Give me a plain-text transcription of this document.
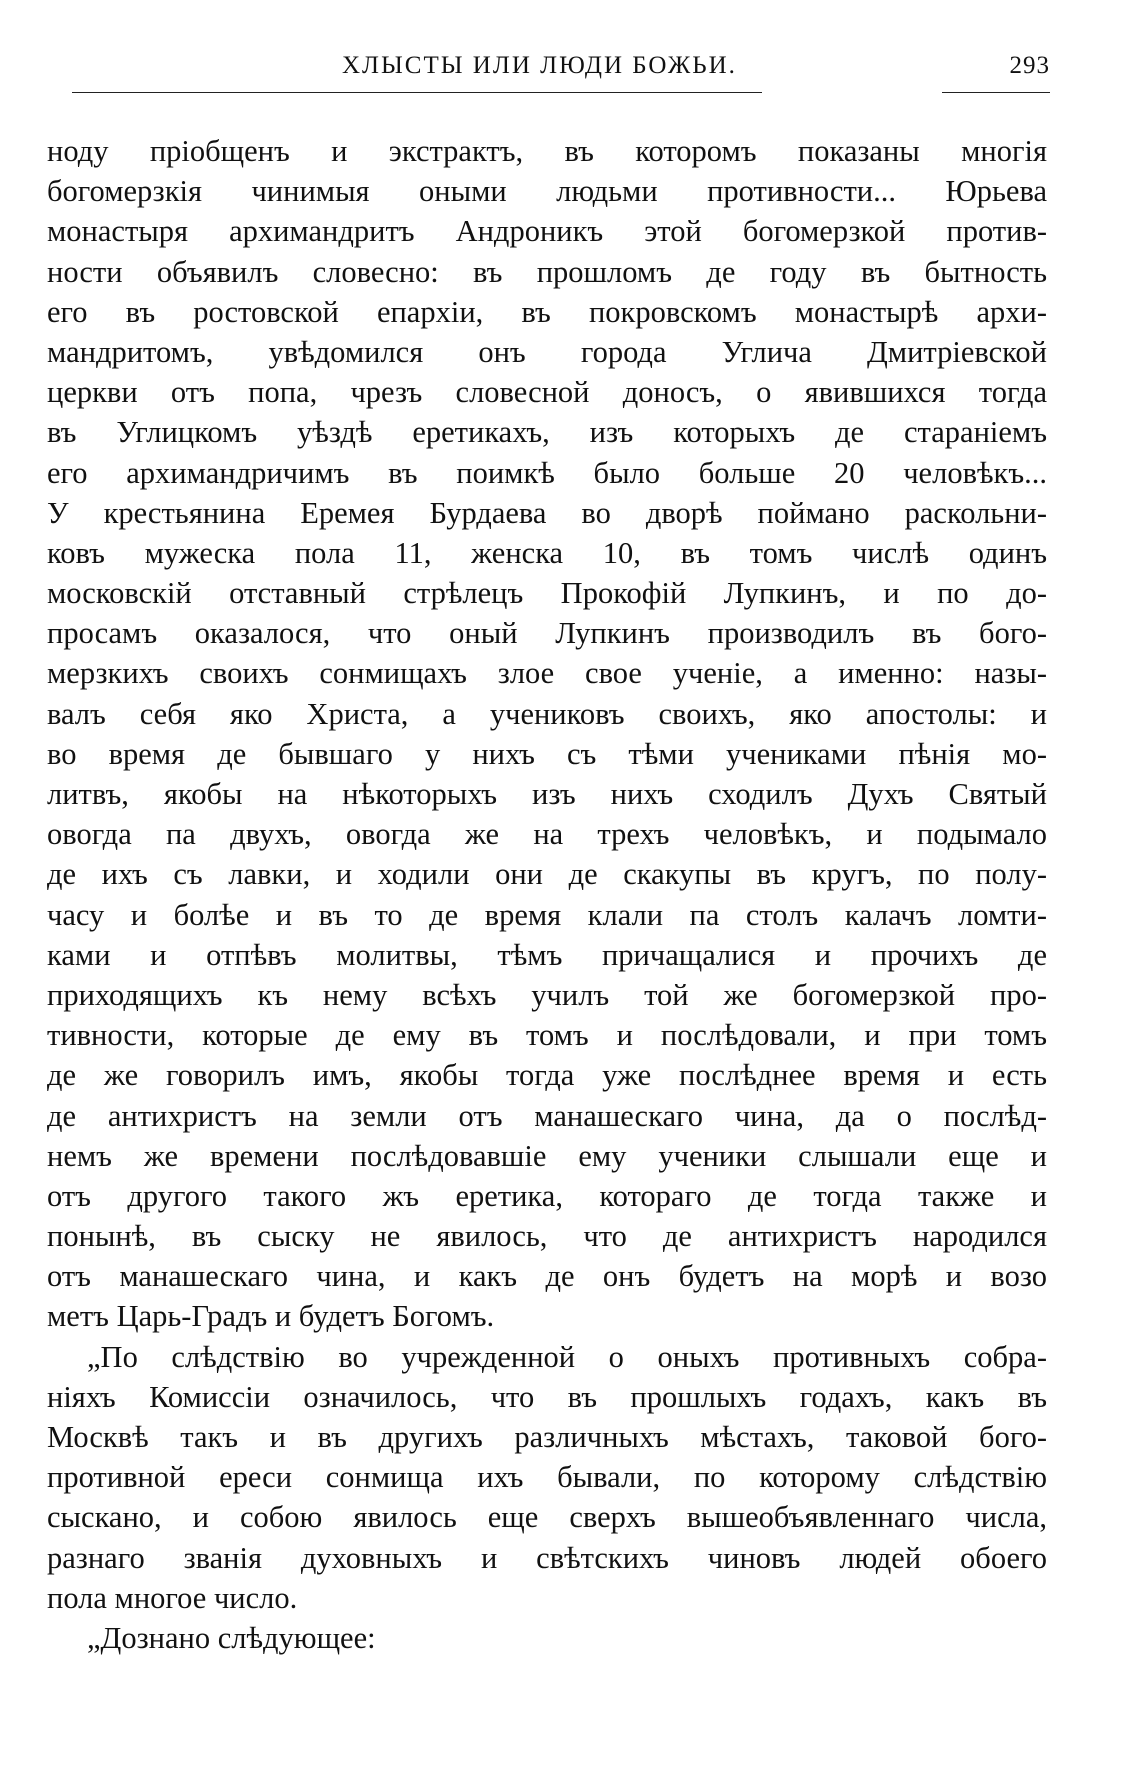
ХЛЫСТЫ ИЛИ ЛЮДИ БОЖЬИ.	293
ноду пріобщенъ и экстрактъ, въ которомъ показаны многія
богомерзкія чинимыя оными людьми противности... Юрьева
монастыря архимандритъ Андроникъ этой богомерзкой против-
ности объявилъ словесно: въ прошломъ де году въ бытность
его въ ростовской епархіи, въ покровскомъ монастырѣ архи-
мандритомъ, увѣдомился онъ города Углича Дмитріевской
церкви отъ попа, чрезъ словесной доносъ, о явившихся тогда
въ Углицкомъ уѣздѣ еретикахъ, изъ которыхъ де стараніемъ
его архимандричимъ въ поимкѣ было больше 20 человѣкъ...
У крестьянина Еремея Бурдаева во дворѣ поймано раскольни-
ковъ мужеска пола 11, женска 10, въ томъ числѣ одинъ
московскій отставный стрѣлецъ Прокофій Лупкинъ, и по до-
просамъ оказалося, что оный Лупкинъ производилъ въ бого-
мерзкихъ своихъ сонмищахъ злое свое ученіе, а именно: назы-
валъ себя яко Христа, а учениковъ своихъ, яко апостолы: и
во время де бывшаго у нихъ съ тѣми учениками пѣнія мо-
литвъ, якобы на нѣкоторыхъ изъ нихъ сходилъ Духъ Святый
овогда па двухъ, овогда же на трехъ человѣкъ, и подымало
де ихъ съ лавки, и ходили они де скакупы въ кругъ, по полу-
часу и болѣе и въ то де время клали па столъ калачъ ломти-
ками и отпѣвъ молитвы, тѣмъ причащалися и прочихъ де
приходящихъ къ нему всѣхъ училъ той же богомерзкой про-
тивности, которые де ему въ томъ и послѣдовали, и при томъ
де же говорилъ имъ, якобы тогда уже послѣднее время и есть
де антихристъ на земли отъ манашескаго чина, да о послѣд-
немъ же времени послѣдовавшіе ему ученики слышали еще и
отъ другого такого жъ еретика, котораго де тогда также и
понынѣ, въ сыску не явилось, что де антихристъ народился
отъ манашескаго чина, и какъ де онъ будетъ на морѣ и возо
метъ Царь-Градъ и будетъ Богомъ.
„По слѣдствію во учрежденной о оныхъ противныхъ собра-
ніяхъ Комиссіи означилось, что въ прошлыхъ годахъ, какъ въ
Москвѣ такъ и въ другихъ различныхъ мѣстахъ, таковой бого-
противной ереси сонмища ихъ бывали, по которому слѣдствію
сыскано, и собою явилось еще сверхъ вышеобъявленнаго числа,
разнаго званія духовныхъ и свѣтскихъ чиновъ людей обоего
пола многое число.
„Дознано слѣдующее:
